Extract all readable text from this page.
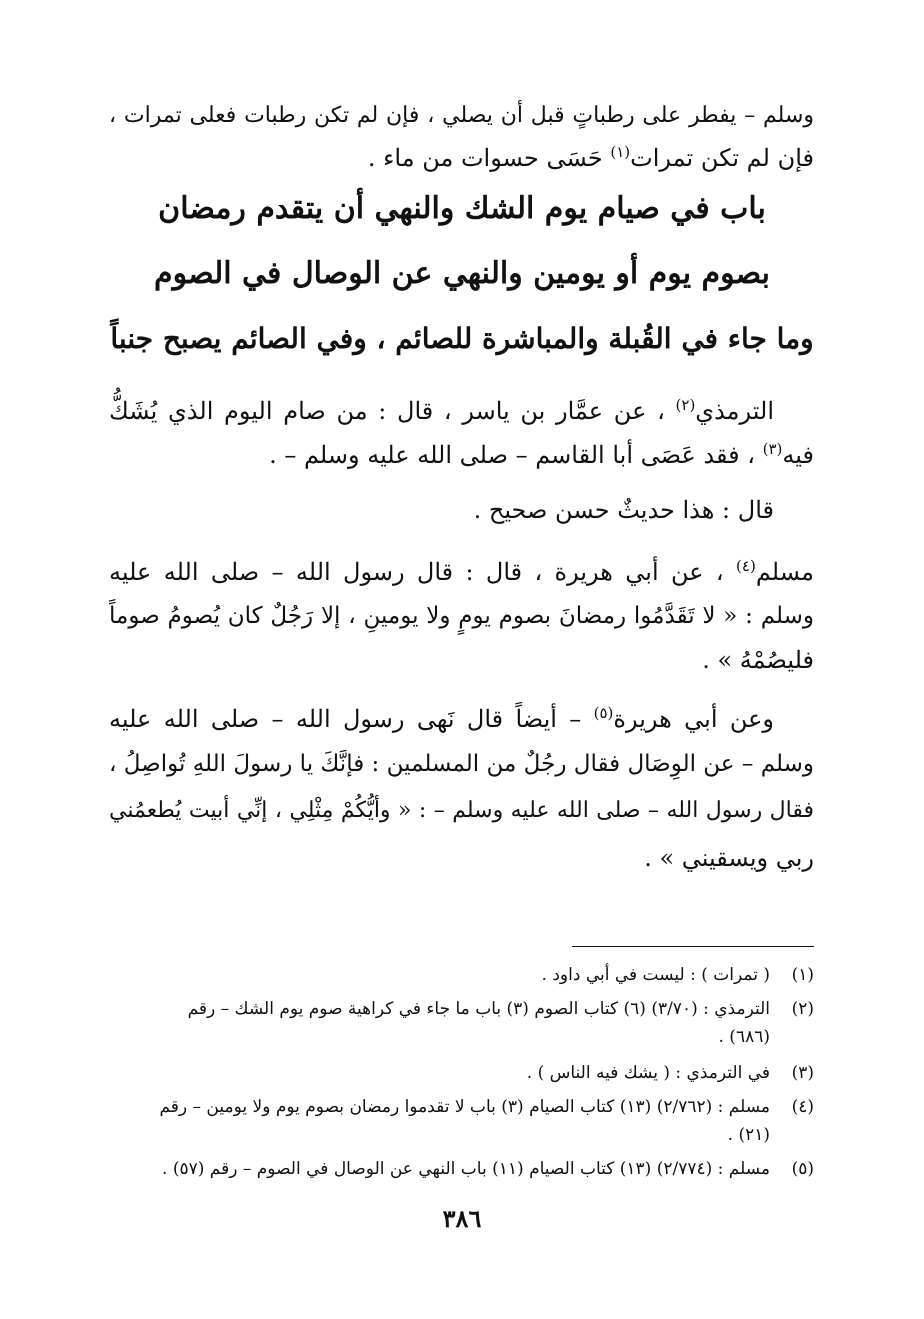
وسلم – يفطر على رطباتٍ قبل أن يصلي ، فإن لم تكن رطبات فعلى تمرات ،
فإن لم تكن تمرات$^{(١)}$ حَسَى حسوات من ماء .
باب في صيام يوم الشك والنهي أن يتقدم رمضان
بصوم يوم أو يومين والنهي عن الوصال في الصوم
وما جاء في القُبلة والمباشرة للصائم ، وفي الصائم يصبح جنباً
الترمذي$^{(٢)}$ ، عن عمَّار بن ياسر ، قال : من صام اليوم الذي يُشَكُّ
فيه$^{(٣)}$ ، فقد عَصَى أبا القاسم – صلى الله عليه وسلم – .
قال : هذا حديثٌ حسن صحيح .
مسلم$^{(٤)}$ ، عن أبي هريرة ، قال : قال رسول الله – صلى الله عليه
وسلم : « لا تَقَدَّمُوا رمضانَ بصوم يومٍ ولا يومينِ ، إلا رَجُلٌ كان يُصومُ صوماً
فليصُمْهُ » .
وعن أبي هريرة$^{(٥)}$ – أيضاً قال نَهى رسول الله – صلى الله عليه
وسلم – عن الوِصَال فقال رجُلٌ من المسلمين : فإنَّكَ يا رسولَ اللهِ تُواصِلُ ،
فقال رسول الله – صلى الله عليه وسلم – : « وأيُّكُمْ مِثْلِي ، إنِّي أبيت يُطعمُني
ربي ويسقيني » .
(١)( تمرات ) : ليست في أبي داود .
(٢)الترمذي : (٣/٧٠) (٦) كتاب الصوم (٣) باب ما جاء في كراهية صوم يوم الشك – رقم
(٦٨٦) .
(٣)في الترمذي : ( يشك فيه الناس ) .
(٤)مسلم : (٢/٧٦٢) (١٣) كتاب الصيام (٣) باب لا تقدموا رمضان بصوم يوم ولا يومين – رقم
(٢١) .
(٥)مسلم : (٢/٧٧٤) (١٣) كتاب الصيام (١١) باب النهي عن الوصال في الصوم – رقم (٥٧) .
٣٨٦
